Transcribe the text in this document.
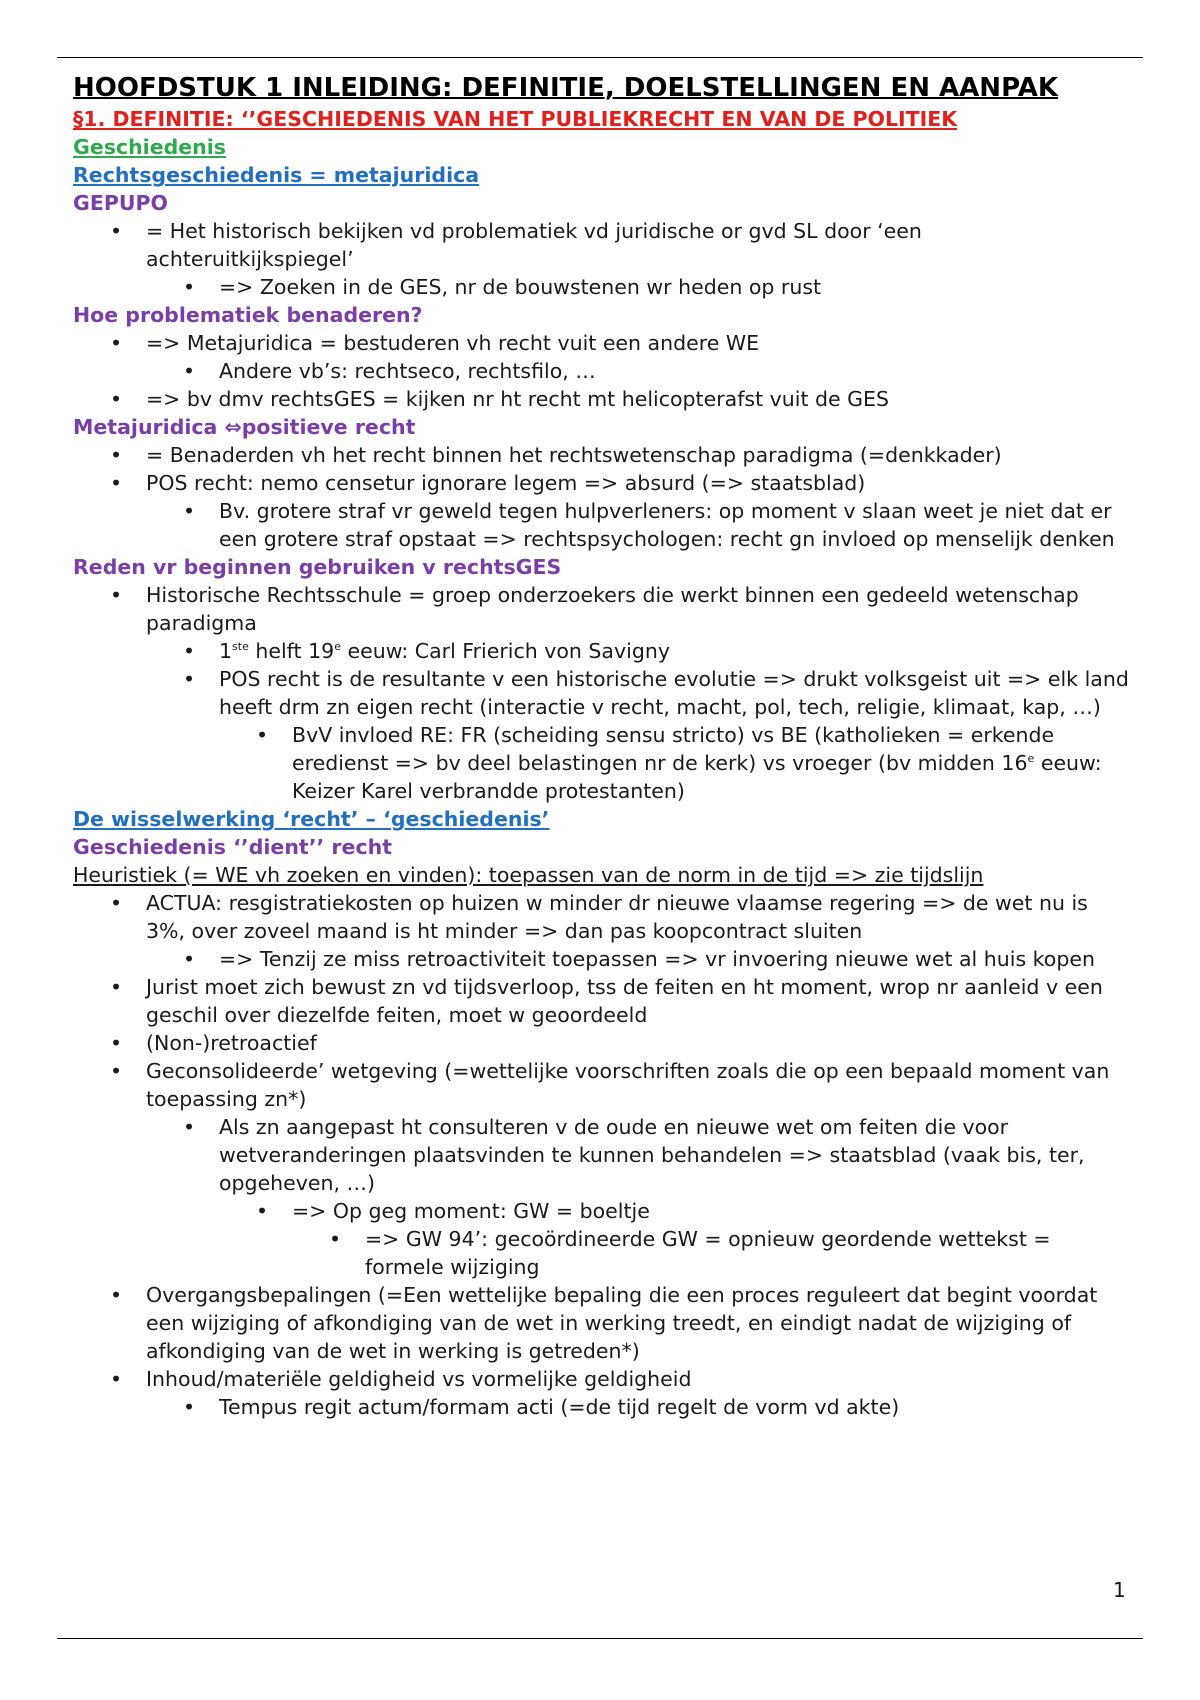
HOOFDSTUK 1 INLEIDING: DEFINITIE, DOELSTELLINGEN EN AANPAK
§1. DEFINITIE: ‘’GESCHIEDENIS VAN HET PUBLIEKRECHT EN VAN DE POLITIEK
Geschiedenis
Rechtsgeschiedenis = metajuridica
GEPUPO
• = Het historisch bekijken vd problematiek vd juridische or gvd SL door ‘een achteruitkijkspiegel’
• => Zoeken in de GES, nr de bouwstenen wr heden op rust
Hoe problematiek benaderen?
• => Metajuridica = bestuderen vh recht vuit een andere WE
• Andere vb’s: rechtseco, rechtsfilo, …
• => bv dmv rechtsGES = kijken nr ht recht mt helicopterafst vuit de GES
Metajuridica ⇔positieve recht
• = Benaderden vh het recht binnen het rechtswetenschap paradigma (=denkkader)
• POS recht: nemo censetur ignorare legem => absurd (=> staatsblad)
• Bv. grotere straf vr geweld tegen hulpverleners: op moment v slaan weet je niet dat er een grotere straf opstaat => rechtspsychologen: recht gn invloed op menselijk denken
Reden vr beginnen gebruiken v rechtsGES
• Historische Rechtsschule = groep onderzoekers die werkt binnen een gedeeld wetenschap paradigma
• 1ste helft 19e eeuw: Carl Frierich von Savigny
• POS recht is de resultante v een historische evolutie => drukt volksgeist uit => elk land heeft drm zn eigen recht (interactie v recht, macht, pol, tech, religie, klimaat, kap, …)
• BvV invloed RE: FR (scheiding sensu stricto) vs BE (katholieken = erkende eredienst => bv deel belastingen nr de kerk) vs vroeger (bv midden 16e eeuw: Keizer Karel verbrandde protestanten)
De wisselwerking ‘recht’ – ‘geschiedenis’
Geschiedenis ‘’dient’’ recht
Heuristiek (= WE vh zoeken en vinden): toepassen van de norm in de tijd => zie tijdslijn
• ACTUA: resgistratiekosten op huizen w minder dr nieuwe vlaamse regering => de wet nu is 3%, over zoveel maand is ht minder => dan pas koopcontract sluiten
• => Tenzij ze miss retroactiviteit toepassen => vr invoering nieuwe wet al huis kopen
• Jurist moet zich bewust zn vd tijdsverloop, tss de feiten en ht moment, wrop nr aanleid v een geschil over diezelfde feiten, moet w geoordeeld
• (Non-)retroactief
• Geconsolideerde’ wetgeving (=wettelijke voorschriften zoals die op een bepaald moment van toepassing zn*)
• Als zn aangepast ht consulteren v de oude en nieuwe wet om feiten die voor wetveranderingen plaatsvinden te kunnen behandelen => staatsblad (vaak bis, ter, opgeheven, …)
• => Op geg moment: GW = boeltje
• => GW 94’: gecoördineerde GW = opnieuw geordende wettekst = formele wijziging
• Overgangsbepalingen (=Een wettelijke bepaling die een proces reguleert dat begint voordat een wijziging of afkondiging van de wet in werking treedt, en eindigt nadat de wijziging of afkondiging van de wet in werking is getreden*)
• Inhoud/materiële geldigheid vs vormelijke geldigheid
• Tempus regit actum/formam acti (=de tijd regelt de vorm vd akte)
1
